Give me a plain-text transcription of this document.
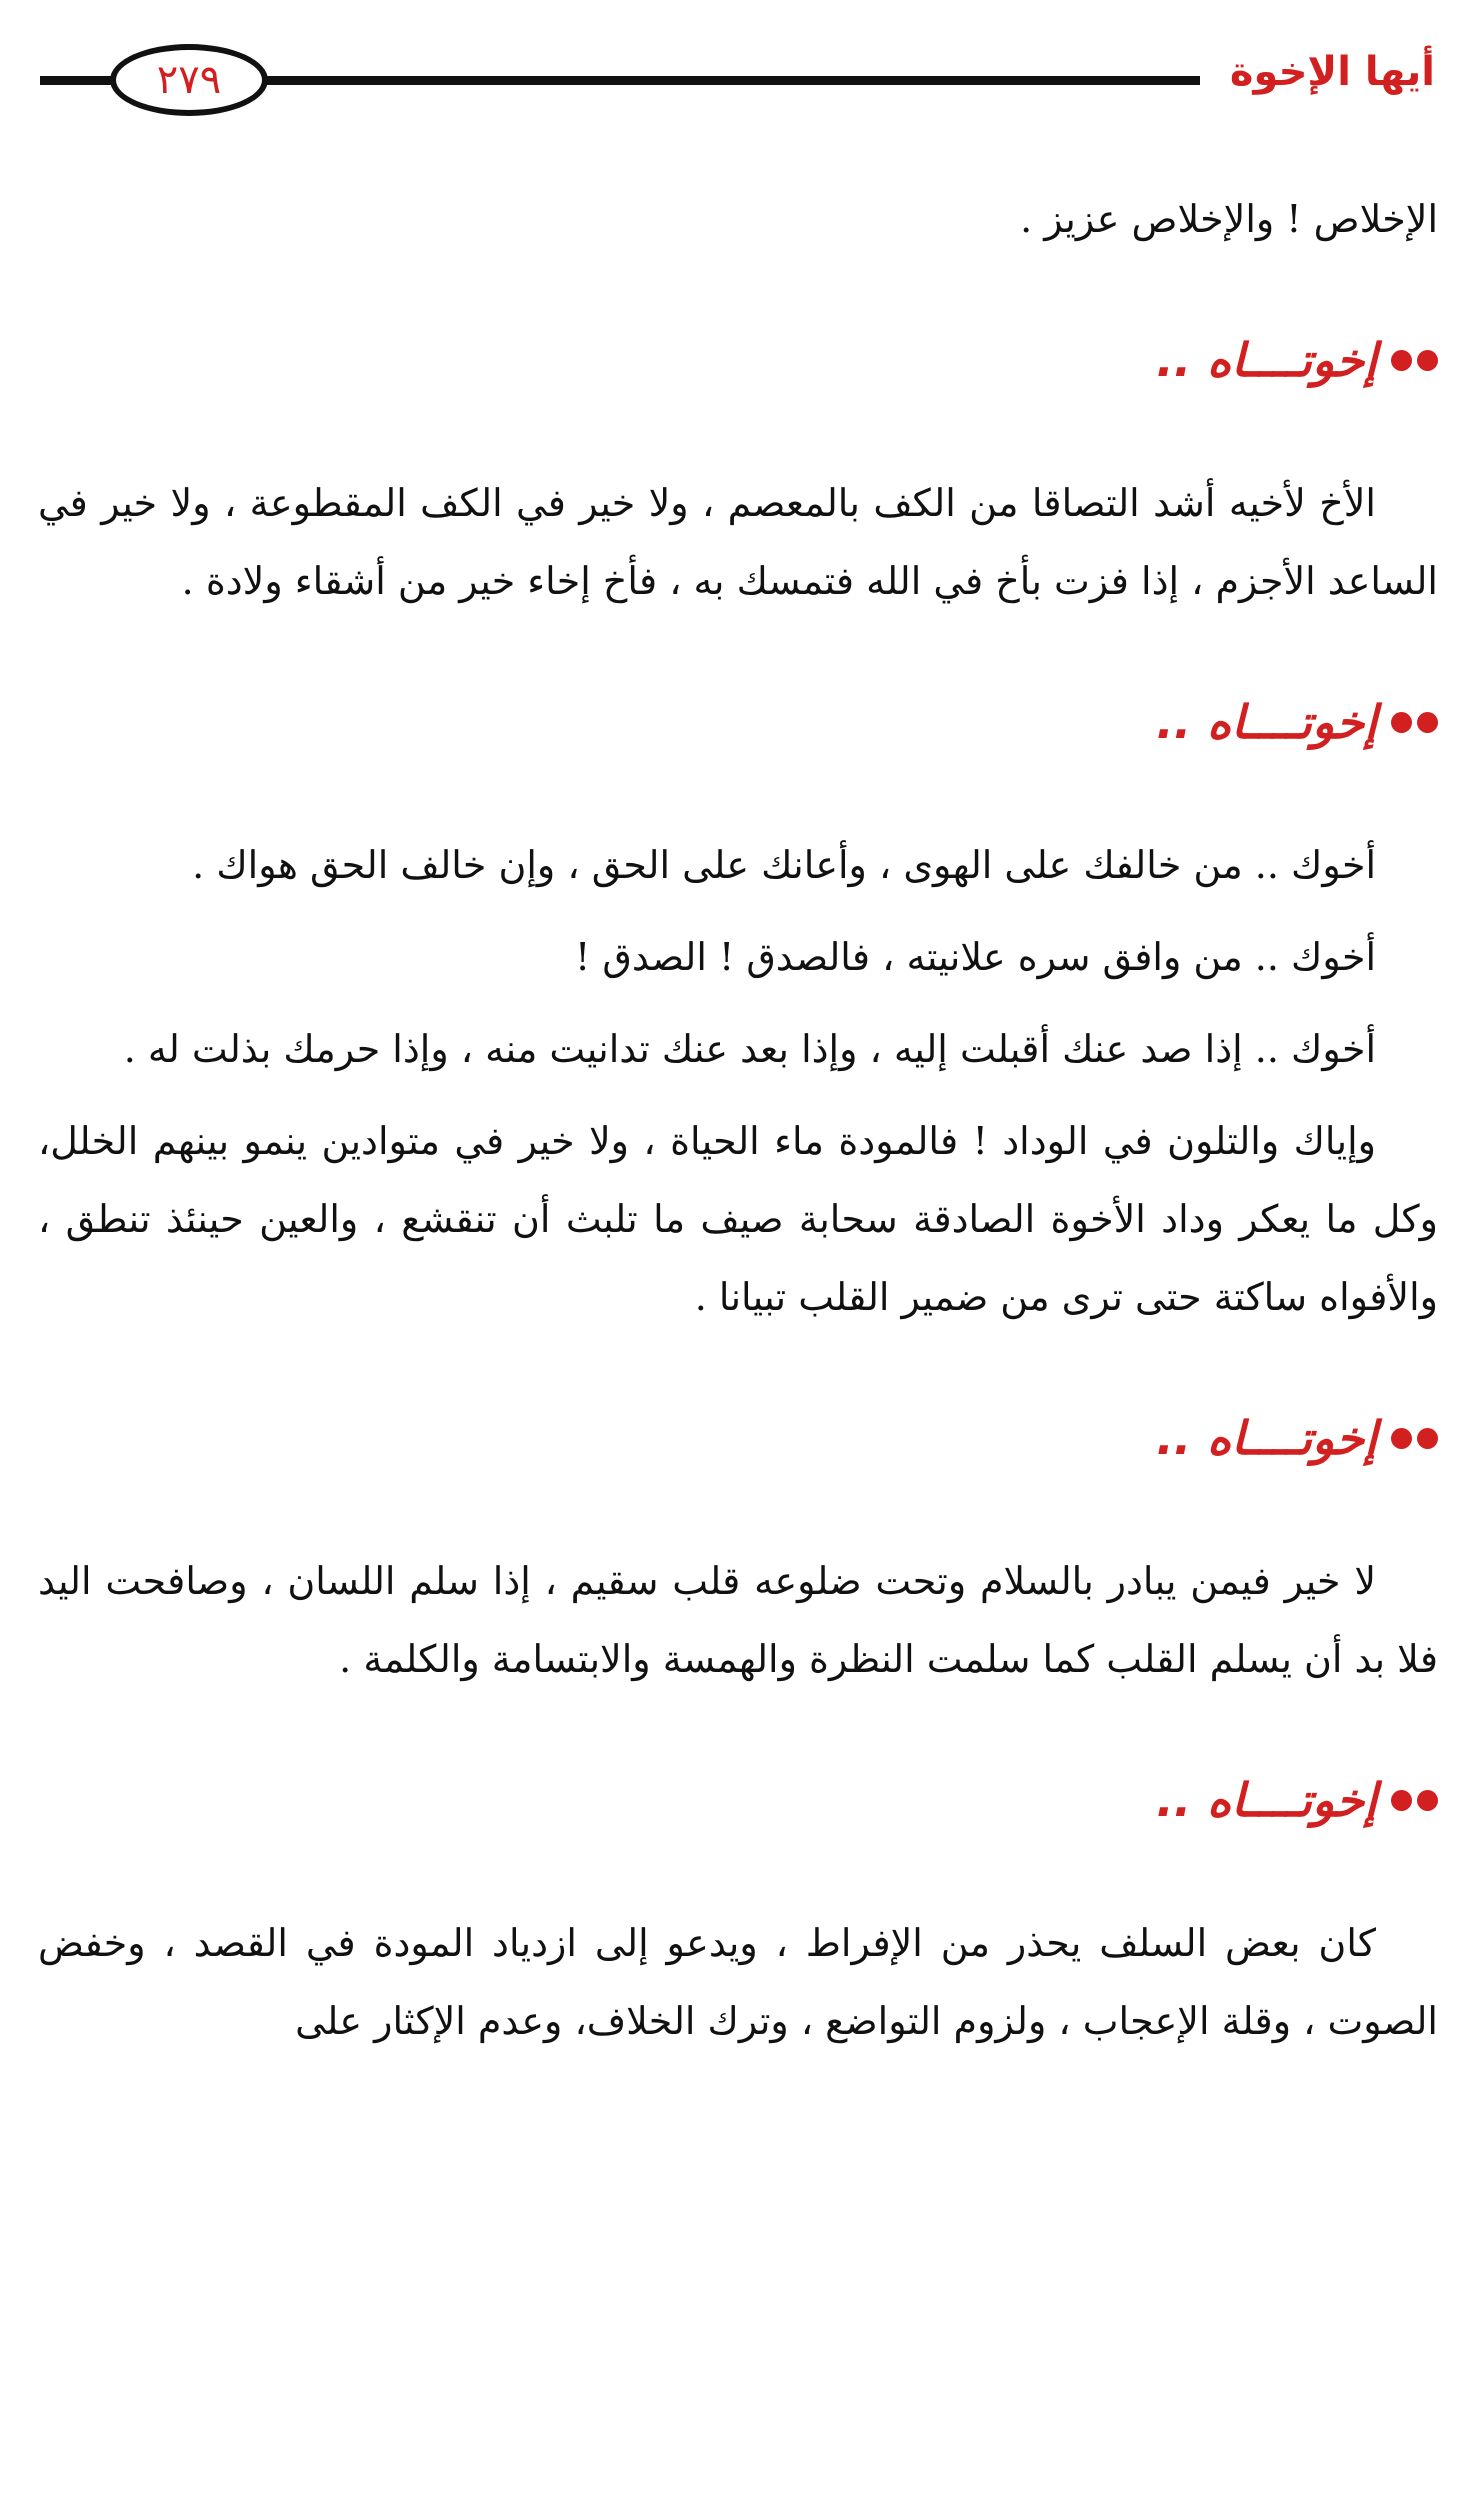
٢٧٩	أيها الإخوة

الإخلاص ! والإخلاص عزيز .

إخوتــــاه ..

الأخ لأخيه أشد التصاقا من الكف بالمعصم ، ولا خير في الكف المقطوعة ، ولا خير في الساعد الأجزم ، إذا فزت بأخ في الله فتمسك به ، فأخ إخاء خير من أشقاء ولادة .

إخوتــــاه ..

أخوك .. من خالفك على الهوى ، وأعانك على الحق ، وإن خالف الحق هواك .

أخوك .. من وافق سره علانيته ، فالصدق ! الصدق !

أخوك .. إذا صد عنك أقبلت إليه ، وإذا بعد عنك تدانيت منه ، وإذا حرمك بذلت له .

وإياك والتلون في الوداد ! فالمودة ماء الحياة ، ولا خير في متوادين ينمو بينهم الخلل، وكل ما يعكر وداد الأخوة الصادقة سحابة صيف ما تلبث أن تنقشع ، والعين حينئذ تنطق ، والأفواه ساكتة حتى ترى من ضمير القلب تبيانا .

إخوتــــاه ..

لا خير فيمن يبادر بالسلام وتحت ضلوعه قلب سقيم ، إذا سلم اللسان ، وصافحت اليد فلا بد أن يسلم القلب كما سلمت النظرة والهمسة والابتسامة والكلمة .

إخوتــــاه ..

كان بعض السلف يحذر من الإفراط ، ويدعو إلى ازدياد المودة في القصد ، وخفض الصوت ، وقلة الإعجاب ، ولزوم التواضع ، وترك الخلاف، وعدم الإكثار على
